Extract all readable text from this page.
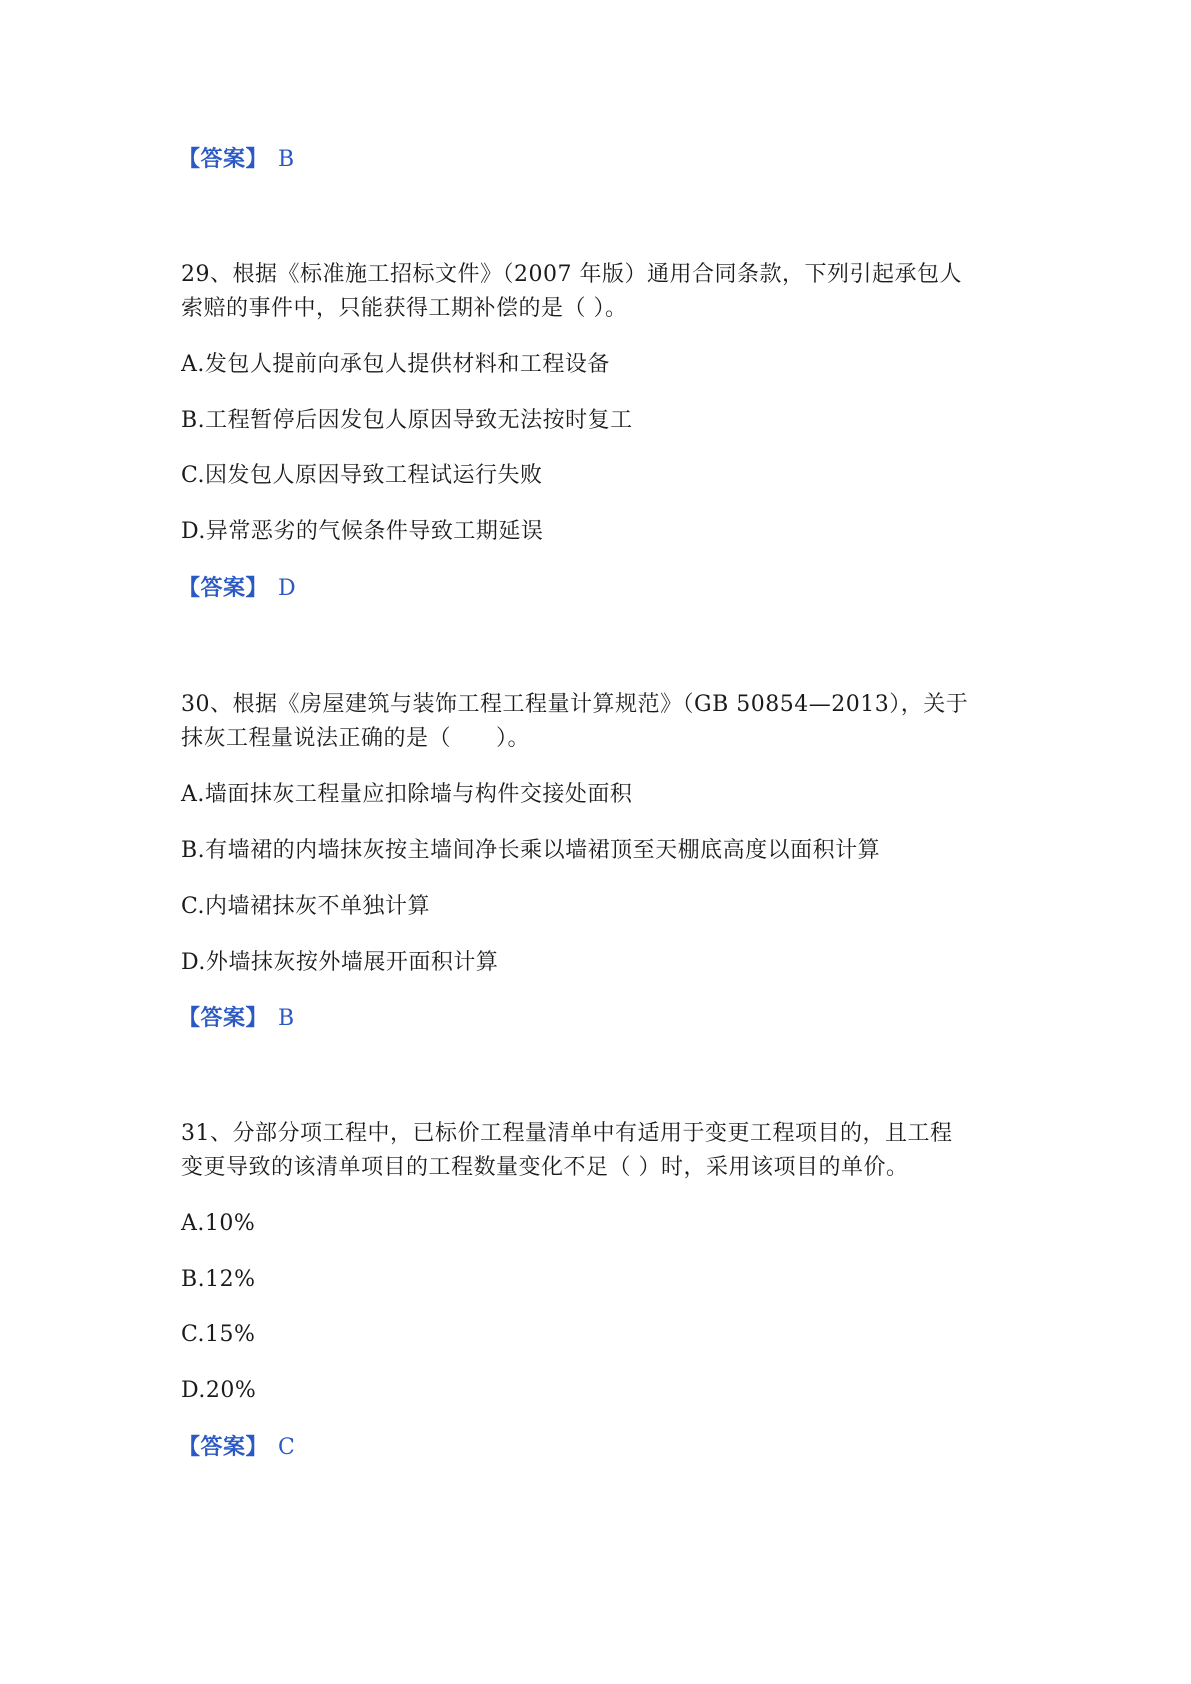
【答案】 B

29、根据《标准施工招标文件》（2007 年版）通用合同条款，下列引起承包人

索赔的事件中，只能获得工期补偿的是（ ）。

A.发包人提前向承包人提供材料和工程设备

B.工程暂停后因发包人原因导致无法按时复工

C.因发包人原因导致工程试运行失败

D.异常恶劣的气候条件导致工期延误

【答案】 D

30、根据《房屋建筑与装饰工程工程量计算规范》（GB 50854—2013），关于

抹灰工程量说法正确的是（　　）。

A.墙面抹灰工程量应扣除墙与构件交接处面积

B.有墙裙的内墙抹灰按主墙间净长乘以墙裙顶至天棚底高度以面积计算

C.内墙裙抹灰不单独计算

D.外墙抹灰按外墙展开面积计算

【答案】 B

31、分部分项工程中，已标价工程量清单中有适用于变更工程项目的，且工程

变更导致的该清单项目的工程数量变化不足（ ）时，采用该项目的单价。

A.10%

B.12%

C.15%

D.20%

【答案】 C
